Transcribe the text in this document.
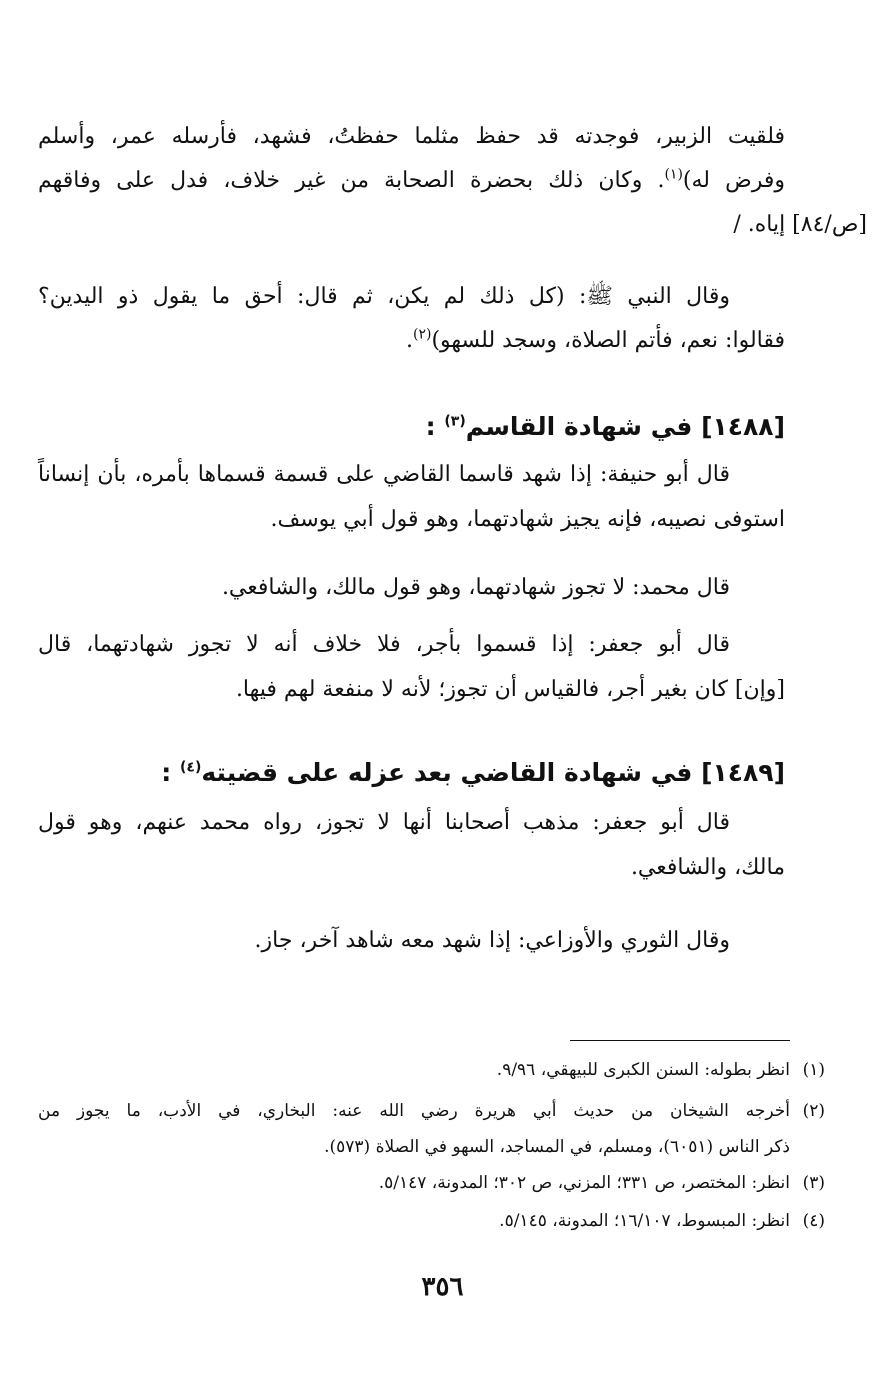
فلقيت الزبير، فوجدته قد حفظ مثلما حفظتُ، فشهد، فأرسله عمر، وأسلم
وفرض له)$^{(١)}$. وكان ذلك بحضرة الصحابة من غير خلاف، فدل على وفاقهم
[ص/٨٤] إياه. /
وقال النبي ﷺ: (كل ذلك لم يكن، ثم قال: أحق ما يقول ذو اليدين؟
فقالوا: نعم، فأتم الصلاة، وسجد للسهو)$^{(٢)}$.
[١٤٨٨] في شهادة القاسم$^{(٣)}$ :
قال أبو حنيفة: إذا شهد قاسما القاضي على قسمة قسماها بأمره، بأن إنساناً
استوفى نصيبه، فإنه يجيز شهادتهما، وهو قول أبي يوسف.
قال محمد: لا تجوز شهادتهما، وهو قول مالك، والشافعي.
قال أبو جعفر: إذا قسموا بأجر، فلا خلاف أنه لا تجوز شهادتهما، قال
[وإن] كان بغير أجر، فالقياس أن تجوز؛ لأنه لا منفعة لهم فيها.
[١٤٨٩] في شهادة القاضي بعد عزله على قضيته$^{(٤)}$ :
قال أبو جعفر: مذهب أصحابنا أنها لا تجوز، رواه محمد عنهم، وهو قول
مالك، والشافعي.
وقال الثوري والأوزاعي: إذا شهد معه شاهد آخر، جاز.
(١)
انظر بطوله: السنن الكبرى للبيهقي، ٩/٩٦.
(٢)
أخرجه الشيخان من حديث أبي هريرة رضي الله عنه: البخاري، في الأدب، ما يجوز من
ذكر الناس (٦٠٥١)، ومسلم، في المساجد، السهو في الصلاة (٥٧٣).
(٣)
انظر: المختصر، ص ٣٣١؛ المزني، ص ٣٠٢؛ المدونة، ٥/١٤٧.
(٤)
انظر: المبسوط، ١٦/١٠٧؛ المدونة، ٥/١٤٥.
٣٥٦
